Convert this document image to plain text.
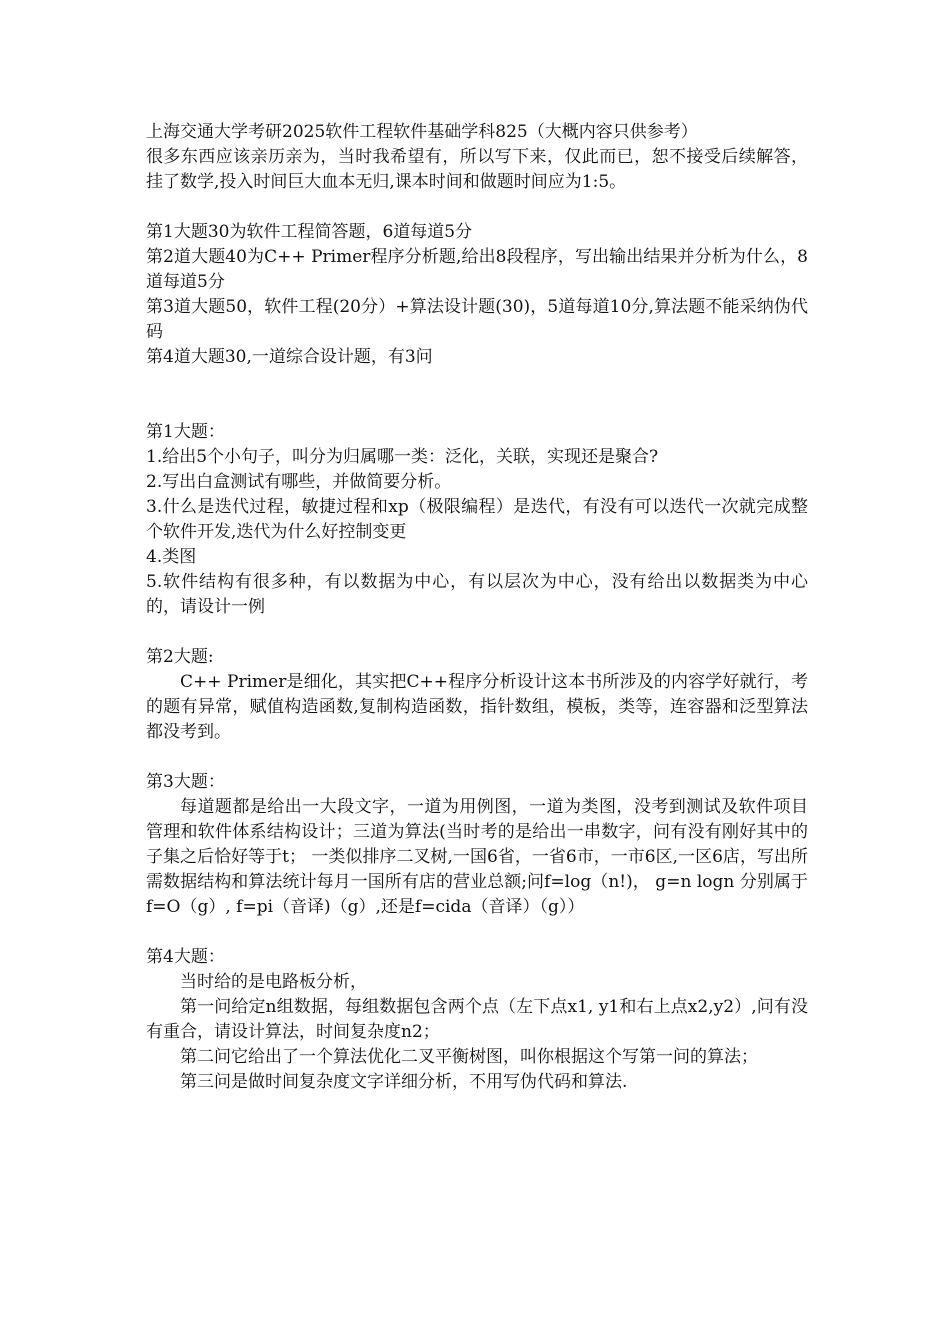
上海交通大学考研2025软件工程软件基础学科825（大概内容只供参考）

很多东西应该亲历亲为，当时我希望有，所以写下来，仅此而已，恕不接受后续解答，挂了数学,投入时间巨大血本无归,课本时间和做题时间应为1:5。

第1大题30为软件工程简答题，6道每道5分

第2道大题40为C++ Primer程序分析题,给出8段程序，写出输出结果并分析为什么，8道每道5分

第3道大题50，软件工程(20分）+算法设计题(30)，5道每道10分,算法题不能采纳伪代码

第4道大题30,一道综合设计题，有3问

第1大题：

1.给出5个小句子，叫分为归属哪一类：泛化，关联，实现还是聚合?

2.写出白盒测试有哪些，并做简要分析。

3.什么是迭代过程，敏捷过程和xp（极限编程）是迭代，有没有可以迭代一次就完成整个软件开发,迭代为什么好控制变更

4.类图

5.软件结构有很多种，有以数据为中心，有以层次为中心，没有给出以数据类为中心的，请设计一例

第2大题:

C++ Primer是细化，其实把C++程序分析设计这本书所涉及的内容学好就行，考的题有异常，赋值构造函数,复制构造函数，指针数组，模板，类等，连容器和泛型算法都没考到。

第3大题：

每道题都是给出一大段文字，一道为用例图，一道为类图，没考到测试及软件项目管理和软件体系结构设计；三道为算法(当时考的是给出一串数字，问有没有刚好其中的子集之后恰好等于t； 一类似排序二叉树,一国6省，一省6市，一市6区,一区6店，写出所需数据结构和算法统计每月一国所有店的营业总额;问f=log（n!)， g=n logn 分别属于f=O（g）, f=pi（音译)（g）,还是f=cida（音译）（g））

第4大题：

当时给的是电路板分析，

第一问给定n组数据，每组数据包含两个点（左下点x1, y1和右上点x2,y2）,问有没有重合，请设计算法，时间复杂度n2；

第二问它给出了一个算法优化二叉平衡树图，叫你根据这个写第一问的算法；

第三问是做时间复杂度文字详细分析，不用写伪代码和算法.
